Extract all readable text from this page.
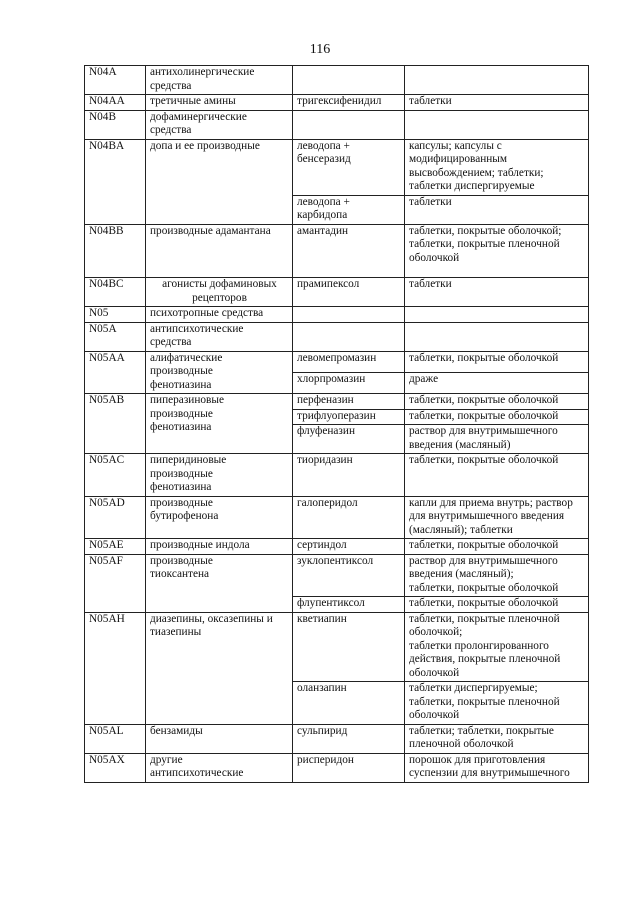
116
N04A	антихолинергические
средства		

N04AA	третичные амины	тригексифенидил	таблетки

N04B	дофаминергические
средства		

N04BA	допа и ее производные	леводопа +
бенсеразид	капсулы; капсулы с
модифицированным
высвобождением; таблетки;
таблетки диспергируемые

		леводопа +
карбидопа	таблетки

N04BB	производные адамантана	амантадин	таблетки, покрытые оболочкой;
таблетки, покрытые пленочной
оболочкой

N04BC	агонисты дофаминовых
рецепторов	прамипексол	таблетки

N05	психотропные средства		

N05A	антипсихотические
средства		

N05AA	алифатические
производные
фенотиазина	левомепромазин	таблетки, покрытые оболочкой

		хлорпромазин	драже

N05AB	пиперазиновые
производные
фенотиазина	перфеназин	таблетки, покрытые оболочкой

		трифлуоперазин	таблетки, покрытые оболочкой

		флуфеназин	раствор для внутримышечного
введения (масляный)

N05AC	пиперидиновые
производные
фенотиазина	тиоридазин	таблетки, покрытые оболочкой

N05AD	производные
бутирофенона	галоперидол	капли для приема внутрь; раствор
для внутримышечного введения
(масляный); таблетки

N05AE	производные индола	сертиндол	таблетки, покрытые оболочкой

N05AF	производные
тиоксантена	зуклопентиксол	раствор для внутримышечного
введения (масляный);
таблетки, покрытые оболочкой

		флупентиксол	таблетки, покрытые оболочкой

N05AH	диазепины, оксазепины и
тиазепины	кветиапин	таблетки, покрытые пленочной
оболочкой;
таблетки пролонгированного
действия, покрытые пленочной
оболочкой

		оланзапин	таблетки диспергируемые;
таблетки, покрытые пленочной
оболочкой

N05AL	бензамиды	сульпирид	таблетки; таблетки, покрытые
пленочной оболочкой

N05AX	другие
антипсихотические	рисперидон	порошок для приготовления
суспензии для внутримышечного
